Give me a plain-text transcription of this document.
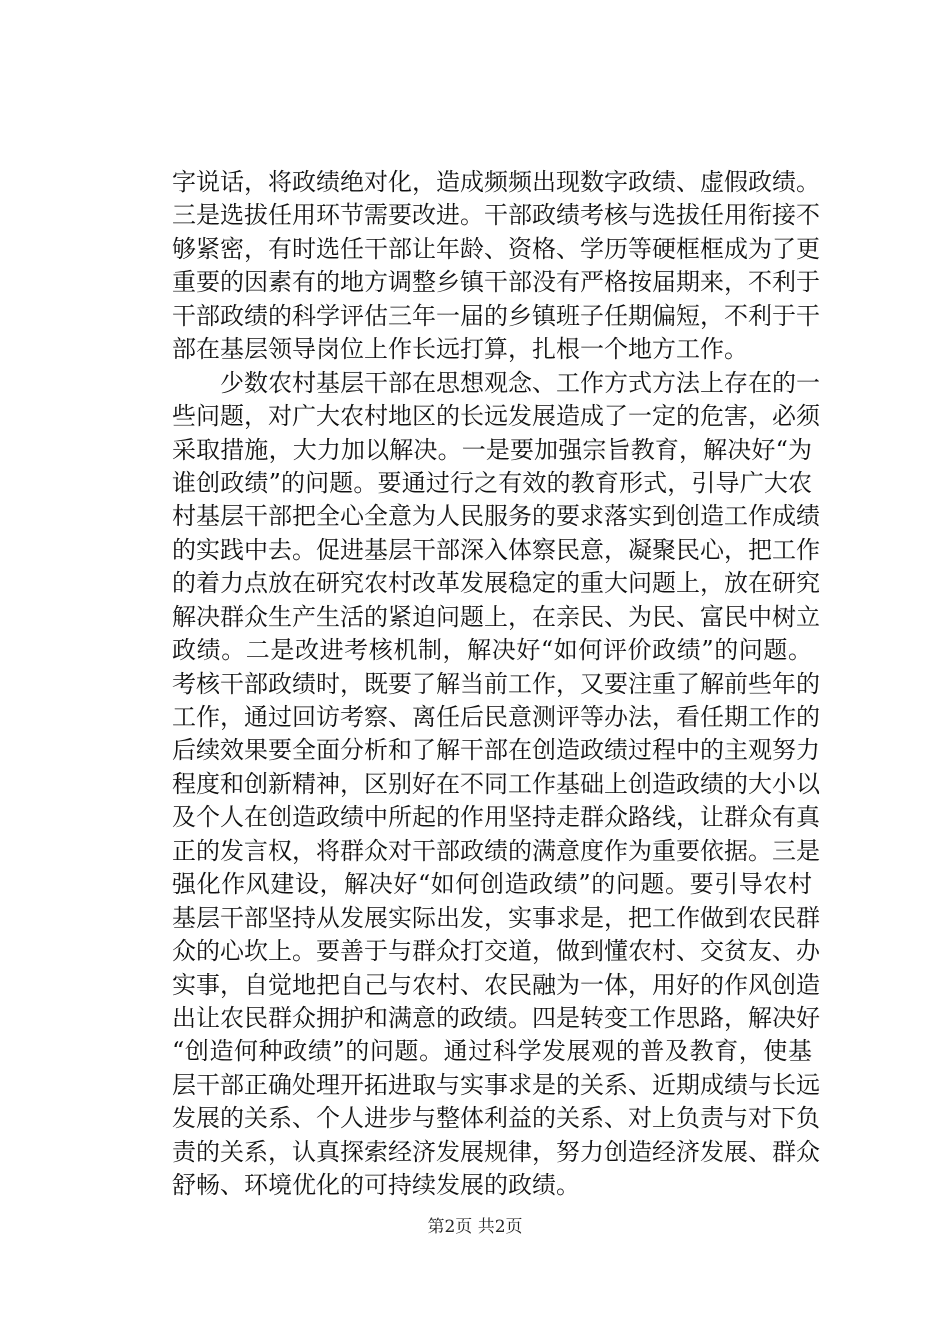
字说话，将政绩绝对化，造成频频出现数字政绩、虚假政绩。
三是选拔任用环节需要改进。干部政绩考核与选拔任用衔接不
够紧密，有时选任干部让年龄、资格、学历等硬框框成为了更
重要的因素有的地方调整乡镇干部没有严格按届期来，不利于
干部政绩的科学评估三年一届的乡镇班子任期偏短，不利于干
部在基层领导岗位上作长远打算，扎根一个地方工作。
　　少数农村基层干部在思想观念、工作方式方法上存在的一
些问题，对广大农村地区的长远发展造成了一定的危害，必须
采取措施，大力加以解决。一是要加强宗旨教育，解决好“为
谁创政绩”的问题。要通过行之有效的教育形式，引导广大农
村基层干部把全心全意为人民服务的要求落实到创造工作成绩
的实践中去。促进基层干部深入体察民意，凝聚民心，把工作
的着力点放在研究农村改革发展稳定的重大问题上，放在研究
解决群众生产生活的紧迫问题上，在亲民、为民、富民中树立
政绩。二是改进考核机制，解决好“如何评价政绩”的问题。
考核干部政绩时，既要了解当前工作，又要注重了解前些年的
工作，通过回访考察、离任后民意测评等办法，看任期工作的
后续效果要全面分析和了解干部在创造政绩过程中的主观努力
程度和创新精神，区别好在不同工作基础上创造政绩的大小以
及个人在创造政绩中所起的作用坚持走群众路线，让群众有真
正的发言权，将群众对干部政绩的满意度作为重要依据。三是
强化作风建设，解决好“如何创造政绩”的问题。要引导农村
基层干部坚持从发展实际出发，实事求是，把工作做到农民群
众的心坎上。要善于与群众打交道，做到懂农村、交贫友、办
实事，自觉地把自己与农村、农民融为一体，用好的作风创造
出让农民群众拥护和满意的政绩。四是转变工作思路，解决好
“创造何种政绩”的问题。通过科学发展观的普及教育，使基
层干部正确处理开拓进取与实事求是的关系、近期成绩与长远
发展的关系、个人进步与整体利益的关系、对上负责与对下负
责的关系，认真探索经济发展规律，努力创造经济发展、群众
舒畅、环境优化的可持续发展的政绩。
第2页 共2页
